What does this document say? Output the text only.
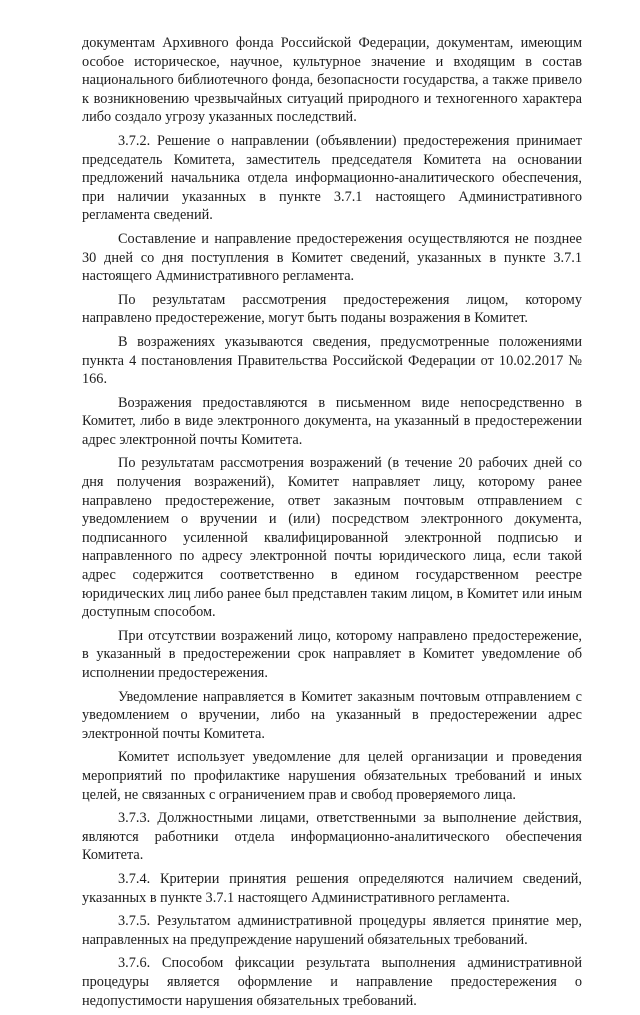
документам Архивного фонда Российской Федерации, документам, имеющим особое историческое, научное, культурное значение и входящим в состав национального библиотечного фонда, безопасности государства, а также привело к возникновению чрезвычайных ситуаций природного и техногенного характера либо создало угрозу указанных последствий.

3.7.2. Решение о направлении (объявлении) предостережения принимает председатель Комитета, заместитель председателя Комитета на основании предложений начальника отдела информационно-аналитического обеспечения, при наличии указанных в пункте 3.7.1 настоящего Административного регламента сведений.

Составление и направление предостережения осуществляются не позднее 30 дней со дня поступления в Комитет сведений, указанных в пункте 3.7.1 настоящего Административного регламента.

По результатам рассмотрения предостережения лицом, которому направлено предостережение, могут быть поданы возражения в Комитет.

В возражениях указываются сведения, предусмотренные положениями пункта 4 постановления Правительства Российской Федерации от 10.02.2017 № 166.

Возражения предоставляются в письменном виде непосредственно в Комитет, либо в виде электронного документа, на указанный в предостережении адрес электронной почты Комитета.

По результатам рассмотрения возражений (в течение 20 рабочих дней со дня получения возражений), Комитет направляет лицу, которому ранее направлено предостережение, ответ заказным почтовым отправлением с уведомлением о вручении и (или) посредством электронного документа, подписанного усиленной квалифицированной электронной подписью и направленного по адресу электронной почты юридического лица, если такой адрес содержится соответственно в едином государственном реестре юридических лиц либо ранее был представлен таким лицом, в Комитет или иным доступным способом.

При отсутствии возражений лицо, которому направлено предостережение, в указанный в предостережении срок направляет в Комитет уведомление об исполнении предостережения.

Уведомление направляется в Комитет заказным почтовым отправлением с уведомлением о вручении, либо на указанный в предостережении адрес электронной почты Комитета.

Комитет использует уведомление для целей организации и проведения мероприятий по профилактике нарушения обязательных требований и иных целей, не связанных с ограничением прав и свобод проверяемого лица.

3.7.3. Должностными лицами, ответственными за выполнение действия, являются работники отдела информационно-аналитического обеспечения Комитета.

3.7.4. Критерии принятия решения определяются наличием сведений, указанных в пункте 3.7.1 настоящего Административного регламента.

3.7.5. Результатом административной процедуры является принятие мер, направленных на предупреждение нарушений обязательных требований.

3.7.6. Способом фиксации результата выполнения административной процедуры является оформление и направление предостережения о недопустимости нарушения обязательных требований.
